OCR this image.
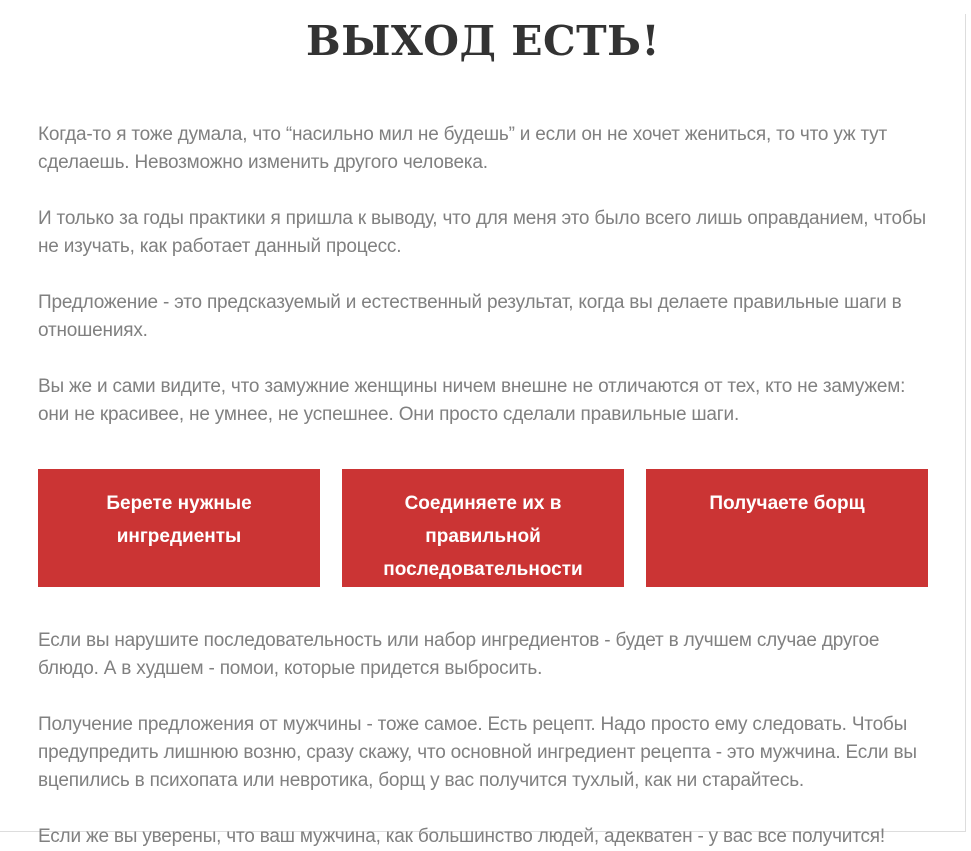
ВЫХОД ЕСТЬ!

Когда-то я тоже думала, что “насильно мил не будешь” и если он не хочет жениться, то что уж тут сделаешь. Невозможно изменить другого человека.

И только за годы практики я пришла к выводу, что для меня это было всего лишь оправданием, чтобы не изучать, как работает данный процесс.

Предложение - это предсказуемый и естественный результат, когда вы делаете правильные шаги в отношениях.

Вы же и сами видите, что замужние женщины ничем внешне не отличаются от тех, кто не замужем: они не красивее, не умнее, не успешнее. Они просто сделали правильные шаги.

Берете нужные ингредиенты
Соединяете их в правильной последовательности
Получаете борщ

Если вы нарушите последовательность или набор ингредиентов - будет в лучшем случае другое блюдо. А в худшем - помои, которые придется выбросить.

Получение предложения от мужчины - тоже самое. Есть рецепт. Надо просто ему следовать. Чтобы предупредить лишнюю возню, сразу скажу, что основной ингредиент рецепта - это мужчина. Если вы вцепились в психопата или невротика, борщ у вас получится тухлый, как ни старайтесь.

Если же вы уверены, что ваш мужчина, как большинство людей, адекватен - у вас все получится!
